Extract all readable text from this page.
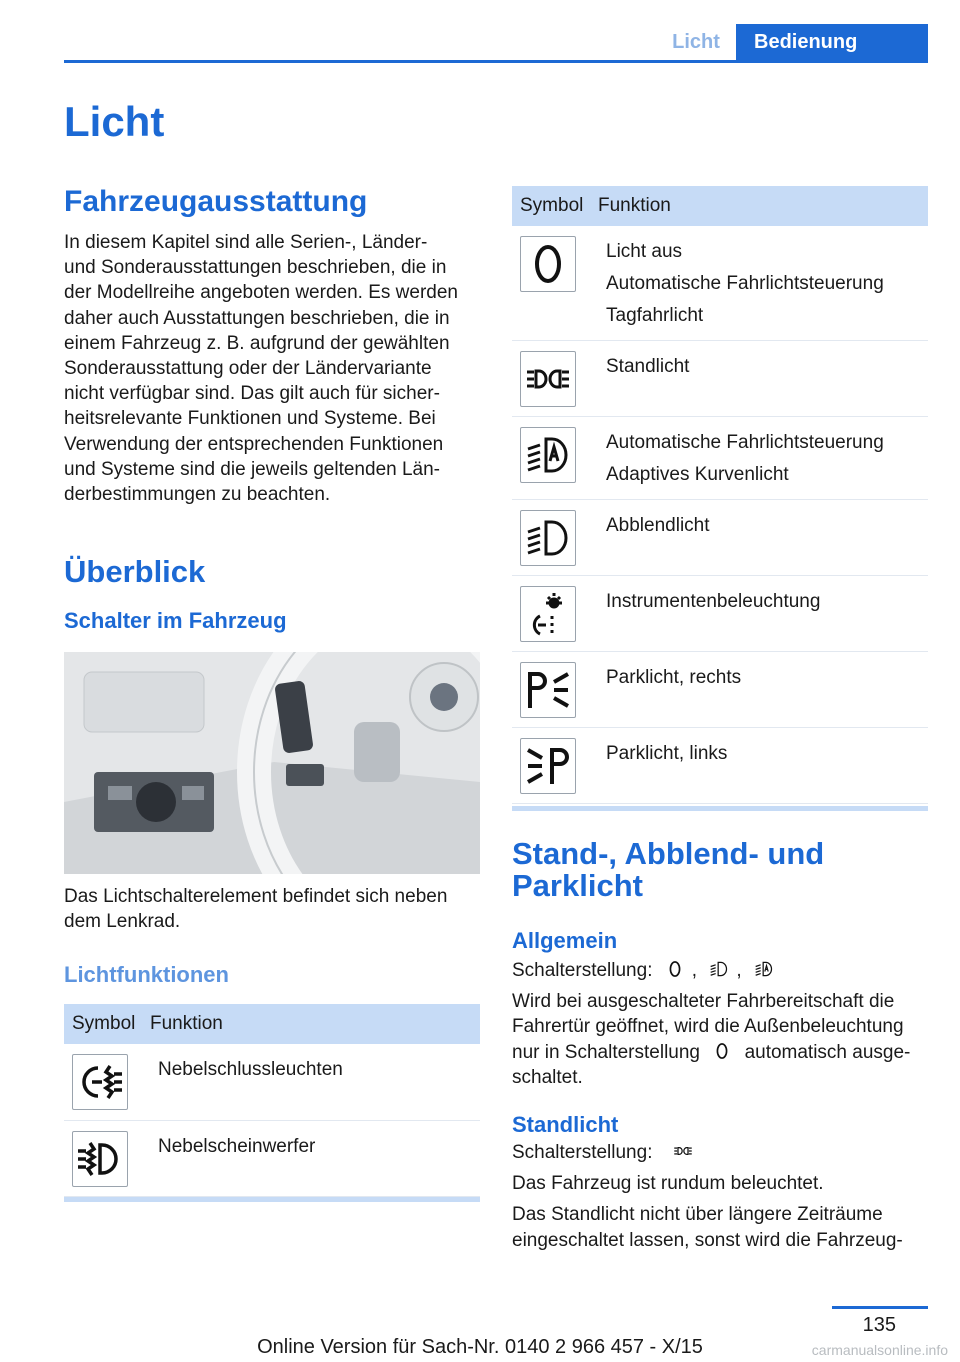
Licht	Bedienung
Licht
Fahrzeugausstattung
In diesem Kapitel sind alle Serien-, Länder-
und Sonderausstattungen beschrieben, die in
der Modellreihe angeboten werden. Es werden
daher auch Ausstattungen beschrieben, die in
einem Fahrzeug z. B. aufgrund der gewählten
Sonderausstattung oder der Ländervariante
nicht verfügbar sind. Das gilt auch für sicher-
heitsrelevante Funktionen und Systeme. Bei
Verwendung der entsprechenden Funktionen
und Systeme sind die jeweils geltenden Län-
derbestimmungen zu beachten.
Überblick
Schalter im Fahrzeug
Das Lichtschalterelement befindet sich neben
dem Lenkrad.
Lichtfunktionen
Symbol	Funktion

	Nebelschlussleuchten

	Nebelscheinwerfer
Symbol	Funktion

Licht aus
Automatische Fahrlichtsteuerung
Tagfahrlicht

Standlicht

Automatische Fahrlichtsteuerung
Adaptives Kurvenlicht

Abblendlicht

Instrumentenbeleuchtung

Parklicht, rechts

Parklicht, links
Stand-, Abblend- und
Parklicht
Allgemein
Schalterstellung: , ,
Wird bei ausgeschalteter Fahrbereitschaft die
Fahrertür geöffnet, wird die Außenbeleuchtung
nur in Schalterstellung automatisch ausge-
schaltet.
Standlicht
Schalterstellung:
Das Fahrzeug ist rundum beleuchtet.
Das Standlicht nicht über längere Zeiträume
eingeschaltet lassen, sonst wird die Fahrzeug-
135
Online Version für Sach-Nr. 0140 2 966 457 - X/15	carmanualsonline.info
